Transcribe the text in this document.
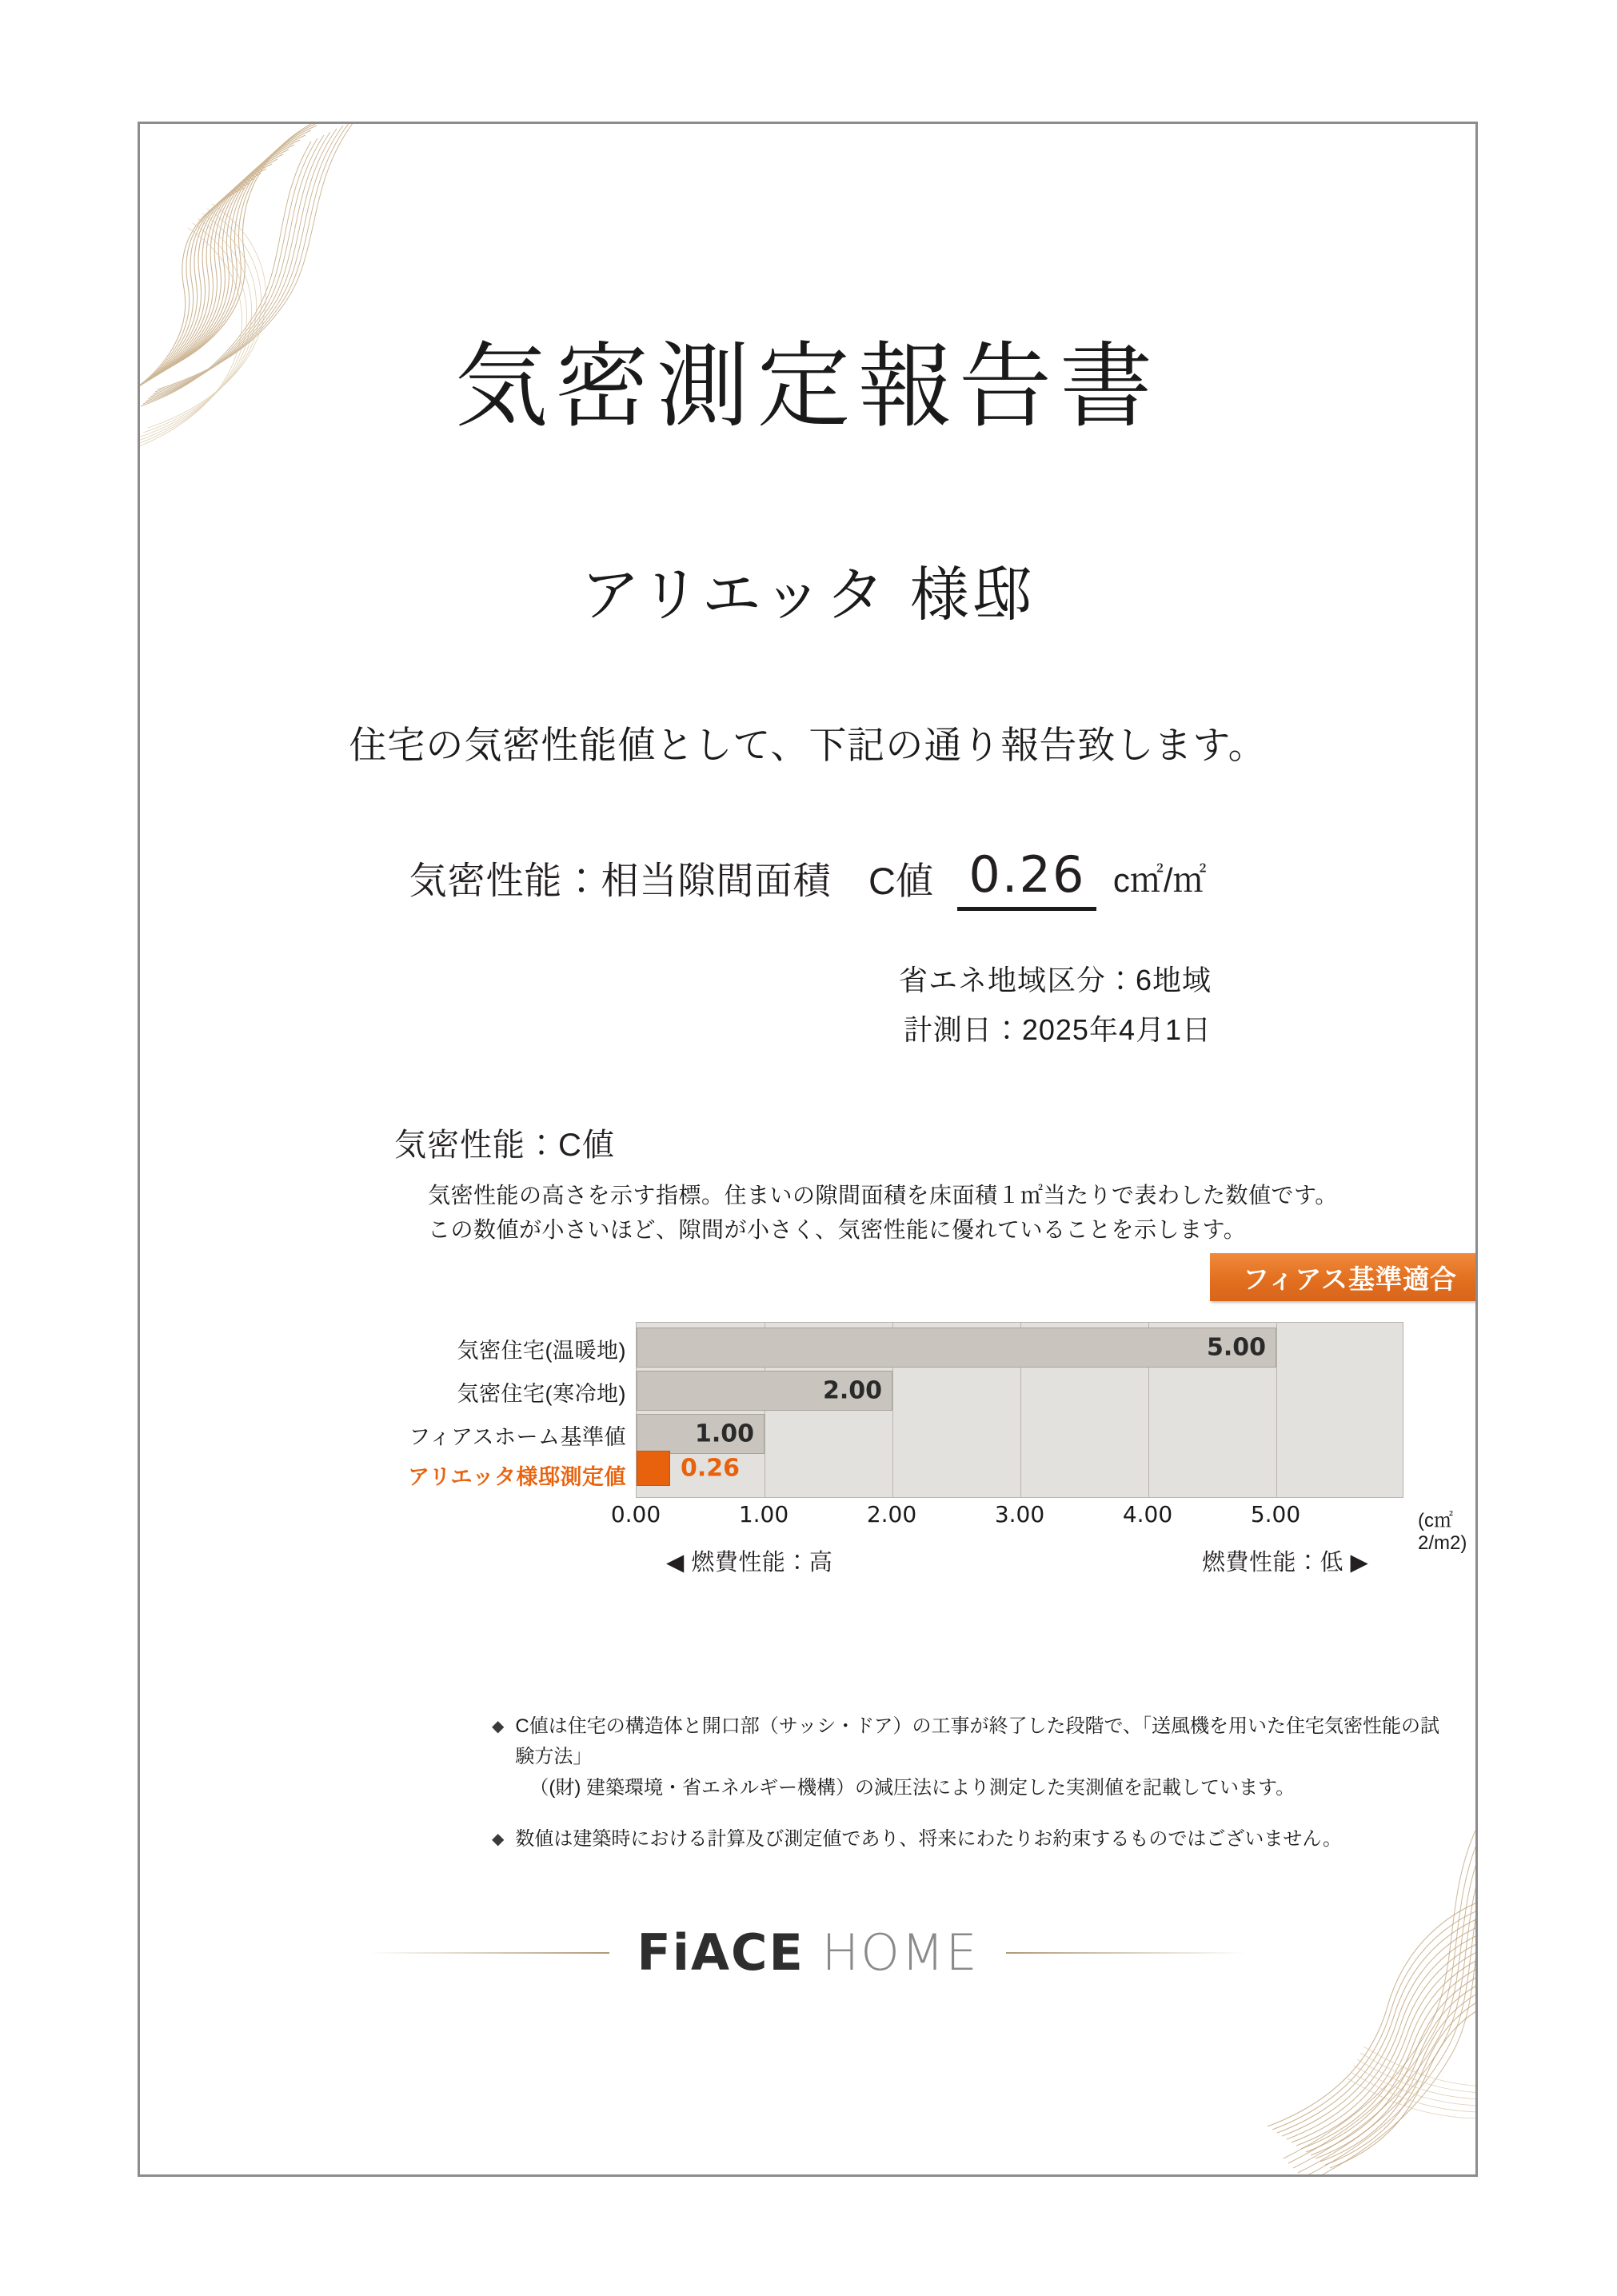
気密測定報告書
アリエッタ 様邸
住宅の気密性能値として、下記の通り報告致します。
気密性能：相当隙間面積 C値 0.26 c㎡/㎡
省エネ地域区分：6地域
計測日：2025年4月1日
気密性能：C値
気密性能の高さを示す指標。住まいの隙間面積を床面積１㎡当たりで表わした数値です。
この数値が小さいほど、隙間が小さく、気密性能に優れていることを示します。
フィアス基準適合
5.00
2.00
1.00
0.26
気密住宅(温暖地)
気密住宅(寒冷地)
フィアスホーム基準値
アリエッタ様邸測定値
0.00	1.00	2.00	3.00	4.00	5.00	(c㎡2/m2)
◀ 燃費性能：高	燃費性能：低 ▶
◆ C値は住宅の構造体と開口部（サッシ・ドア）の工事が終了した段階で、「送風機を用いた住宅気密性能の試験方法」

（(財) 建築環境・省エネルギー機構）の減圧法により測定した実測値を記載しています。

◆ 数値は建築時における計算及び測定値であり、将来にわたりお約束するものではございません。

FiACE HOME
